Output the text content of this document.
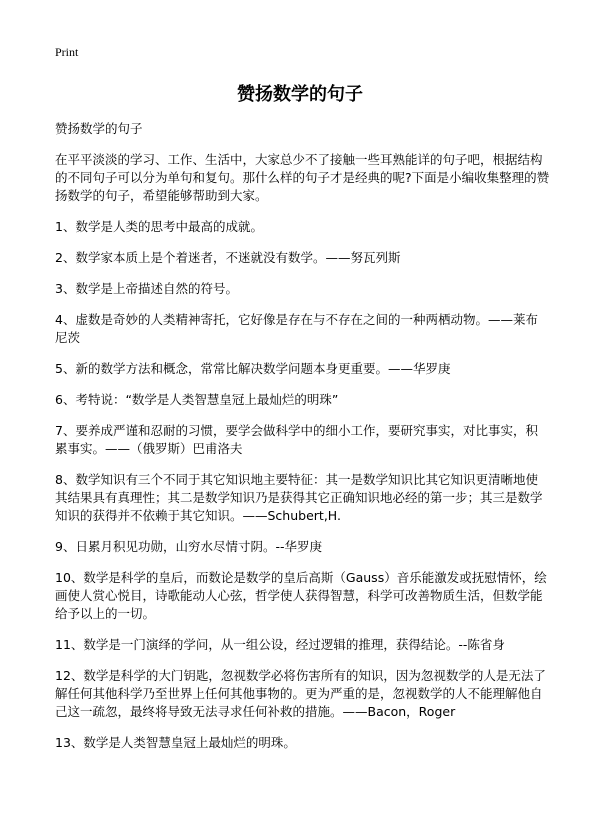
Print
赞扬数学的句子

赞扬数学的句子

在平平淡淡的学习、工作、生活中，大家总少不了接触一些耳熟能详的句子吧，根据结构的不同句子可以分为单句和复句。那什么样的句子才是经典的呢?下面是小编收集整理的赞扬数学的句子，希望能够帮助到大家。

1、数学是人类的思考中最高的成就。

2、数学家本质上是个着迷者，不迷就没有数学。——努瓦列斯

3、数学是上帝描述自然的符号。

4、虚数是奇妙的人类精神寄托，它好像是存在与不存在之间的一种两栖动物。——莱布尼茨

5、新的数学方法和概念，常常比解决数学问题本身更重要。——华罗庚

6、考特说：“数学是人类智慧皇冠上最灿烂的明珠”

7、要养成严谨和忍耐的习惯，要学会做科学中的细小工作，要研究事实，对比事实，积累事实。——（俄罗斯）巴甫洛夫

8、数学知识有三个不同于其它知识地主要特征：其一是数学知识比其它知识更清晰地使其结果具有真理性；其二是数学知识乃是获得其它正确知识地必经的第一步；其三是数学知识的获得并不依赖于其它知识。——Schubert,H.

9、日累月积见功勋，山穷水尽情寸阴。--华罗庚

10、数学是科学的皇后，而数论是数学的皇后高斯（Gauss）音乐能激发或抚慰情怀，绘画使人赏心悦目，诗歌能动人心弦，哲学使人获得智慧，科学可改善物质生活，但数学能给予以上的一切。

11、数学是一门演绎的学问，从一组公设，经过逻辑的推理，获得结论。--陈省身

12、数学是科学的大门钥匙，忽视数学必将伤害所有的知识，因为忽视数学的人是无法了解任何其他科学乃至世界上任何其他事物的。更为严重的是，忽视数学的人不能理解他自己这一疏忽，最终将导致无法寻求任何补救的措施。——Bacon，Roger

13、数学是人类智慧皇冠上最灿烂的明珠。
